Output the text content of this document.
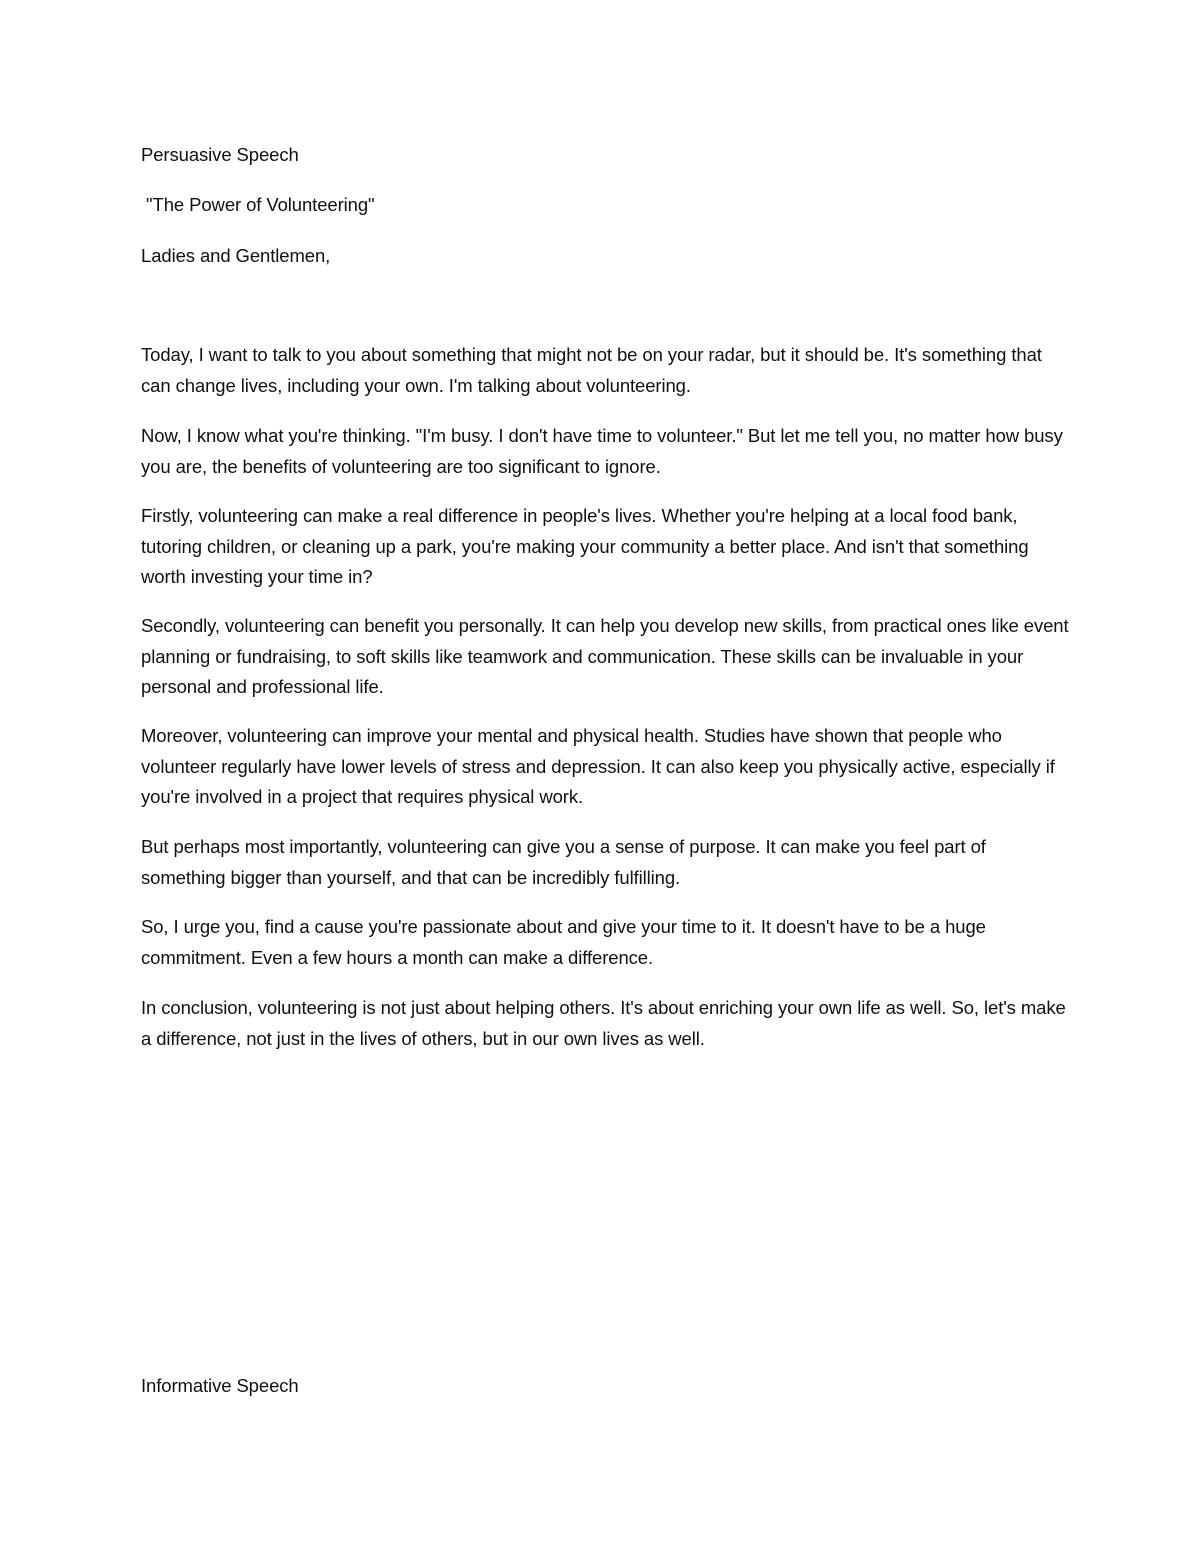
Persuasive Speech
"The Power of Volunteering"
Ladies and Gentlemen,

Today, I want to talk to you about something that might not be on your radar, but it should be. It's something that can change lives, including your own. I'm talking about volunteering.

Now, I know what you're thinking. "I'm busy. I don't have time to volunteer." But let me tell you, no matter how busy you are, the benefits of volunteering are too significant to ignore.

Firstly, volunteering can make a real difference in people's lives. Whether you're helping at a local food bank, tutoring children, or cleaning up a park, you're making your community a better place. And isn't that something worth investing your time in?

Secondly, volunteering can benefit you personally. It can help you develop new skills, from practical ones like event planning or fundraising, to soft skills like teamwork and communication. These skills can be invaluable in your personal and professional life.

Moreover, volunteering can improve your mental and physical health. Studies have shown that people who volunteer regularly have lower levels of stress and depression. It can also keep you physically active, especially if you're involved in a project that requires physical work.

But perhaps most importantly, volunteering can give you a sense of purpose. It can make you feel part of something bigger than yourself, and that can be incredibly fulfilling.

So, I urge you, find a cause you're passionate about and give your time to it. It doesn't have to be a huge commitment. Even a few hours a month can make a difference.

In conclusion, volunteering is not just about helping others. It's about enriching your own life as well. So, let's make a difference, not just in the lives of others, but in our own lives as well.

Informative Speech
